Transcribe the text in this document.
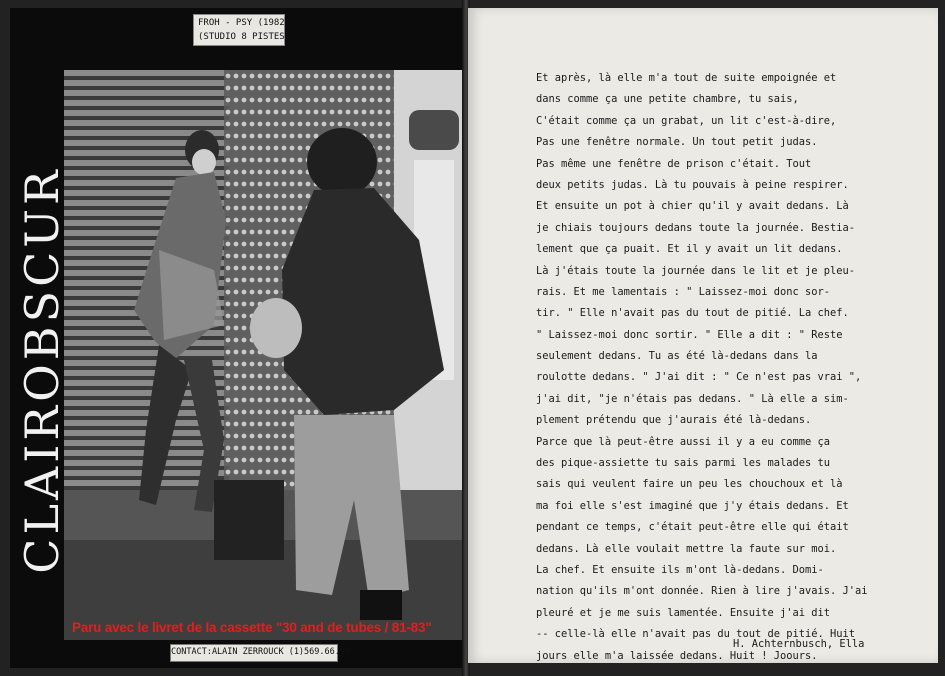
FROH - PSY (1982)
(STUDIO 8 PISTES)
CLAIROBSCUR
Paru avec le livret de la cassette "30 and de tubes / 81-83"
CONTACT:ALAIN ZERROUCK (1)569.66.95
Et après, là elle m'a tout de suite empoignée et
dans comme ça une petite chambre, tu sais,
C'était comme ça un grabat, un lit c'est-à-dire,
Pas une fenêtre normale. Un tout petit judas.
Pas même une fenêtre de prison c'était. Tout
deux petits judas. Là tu pouvais à peine respirer.
Et ensuite un pot à chier qu'il y avait dedans. Là
je chiais toujours dedans toute la journée. Bestia-
lement que ça puait. Et il y avait un lit dedans.
Là j'étais toute la journée dans le lit et je pleu-
rais. Et me lamentais : " Laissez-moi donc sor-
tir. " Elle n'avait pas du tout de pitié. La chef.
" Laissez-moi donc sortir. " Elle a dit : " Reste
seulement dedans. Tu as été là-dedans dans la
roulotte dedans. " J'ai dit : " Ce n'est pas vrai ",
j'ai dit, "je n'étais pas dedans. " Là elle a sim-
plement prétendu que j'aurais été là-dedans.
Parce que là peut-être aussi il y a eu comme ça
des pique-assiette tu sais parmi les malades tu
sais qui veulent faire un peu les chouchoux et là
ma foi elle s'est imaginé que j'y étais dedans. Et
pendant ce temps, c'était peut-être elle qui était
dedans. Là elle voulait mettre la faute sur moi.
La chef. Et ensuite ils m'ont là-dedans. Domi-
nation qu'ils m'ont donnée. Rien à lire j'avais. J'ai
pleuré et je me suis lamentée. Ensuite j'ai dit
-- celle-là elle n'avait pas du tout de pitié. Huit
jours elle m'a laissée dedans. Huit ! Joours.
H. Achternbusch, Ella
